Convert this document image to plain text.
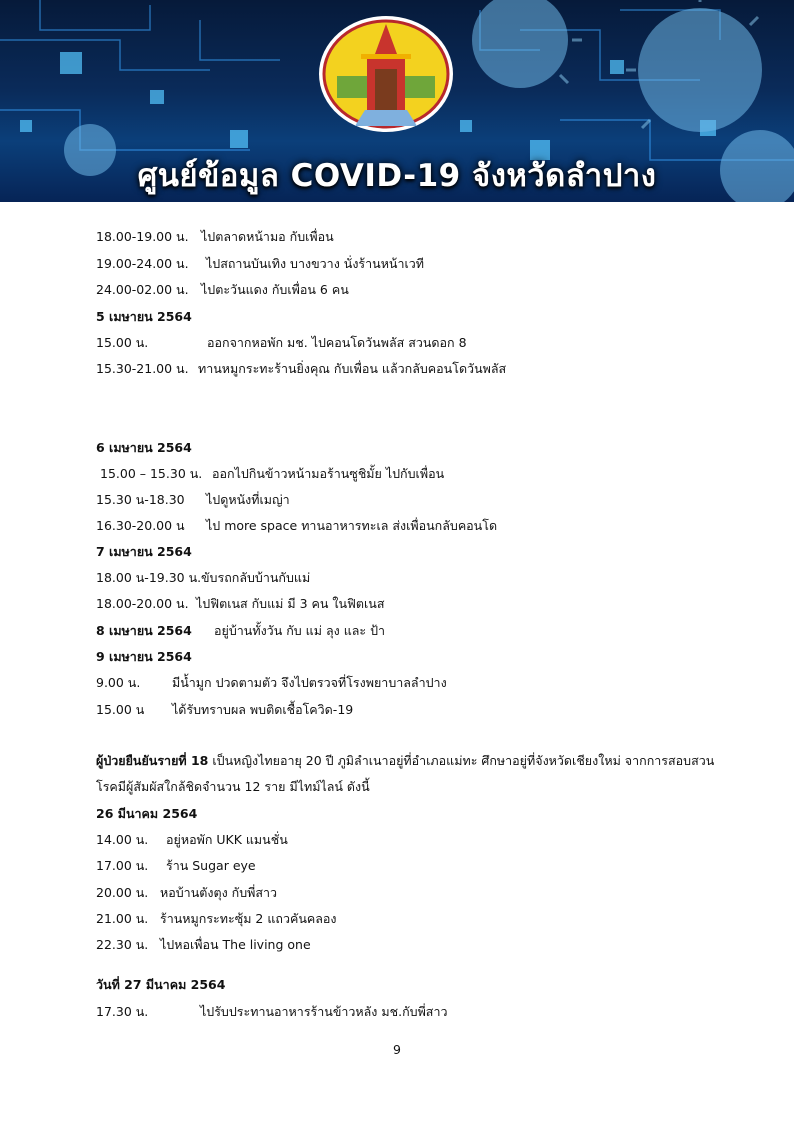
ศูนย์ข้อมูล COVID-19 จังหวัดลำปาง
18.00-19.00 น. ไปตลาดหน้ามอ กับเพื่อน
19.00-24.00 น. ไปสถานบันเทิง บางขวาง นั่งร้านหน้าเวที
24.00-02.00 น. ไปตะวันแดง กับเพื่อน 6 คน
5 เมษายน 2564
15.00 น.	ออกจากหอพัก มช. ไปคอนโดวันพลัส สวนดอก 8
15.30-21.00 น. ทานหมูกระทะร้านยิ่งคุณ กับเพื่อน แล้วกลับคอนโดวันพลัส
6 เมษายน 2564
15.00 – 15.30 น. ออกไปกินข้าวหน้ามอร้านซูชิมั้ย ไปกับเพื่อน
15.30 น-18.30 ไปดูหนังที่เมญ่า
16.30-20.00 น ไป more space ทานอาหารทะเล ส่งเพื่อนกลับคอนโด
7 เมษายน 2564
18.00 น-19.30 น.ขับรถกลับบ้านกับแม่
18.00-20.00 น. ไปฟิตเนส กับแม่ มี 3 คน ในฟิตเนส
8 เมษายน 2564 อยู่บ้านทั้งวัน กับ แม่ ลุง และ ป้า
9 เมษายน 2564
9.00 น.	มีน้ำมูก ปวดตามตัว จึงไปตรวจที่โรงพยาบาลลำปาง
15.00 น ได้รับทราบผล พบติดเชื้อโควิด-19
ผู้ป่วยยืนยันรายที่ 18 เป็นหญิงไทยอายุ 20 ปี ภูมิลำเนาอยู่ที่อำเภอแม่ทะ ศึกษาอยู่ที่จังหวัดเชียงใหม่ จากการสอบสวนโรคมีผู้สัมผัสใกล้ชิดจำนวน 12 ราย มีไทม์ไลน์ ดังนี้
26 มีนาคม 2564
14.00 น. อยู่หอพัก UKK แมนชั่น
17.00 น. ร้าน Sugar eye
20.00 น. หอบ้านตังตุง กับพี่สาว
21.00 น. ร้านหมูกระทะซุ้ม 2 แถวคันคลอง
22.30 น. ไปหอเพื่อน The living one
วันที่ 27 มีนาคม 2564
17.30 น.	ไปรับประทานอาหารร้านข้าวหลัง มช.กับพี่สาว
9
